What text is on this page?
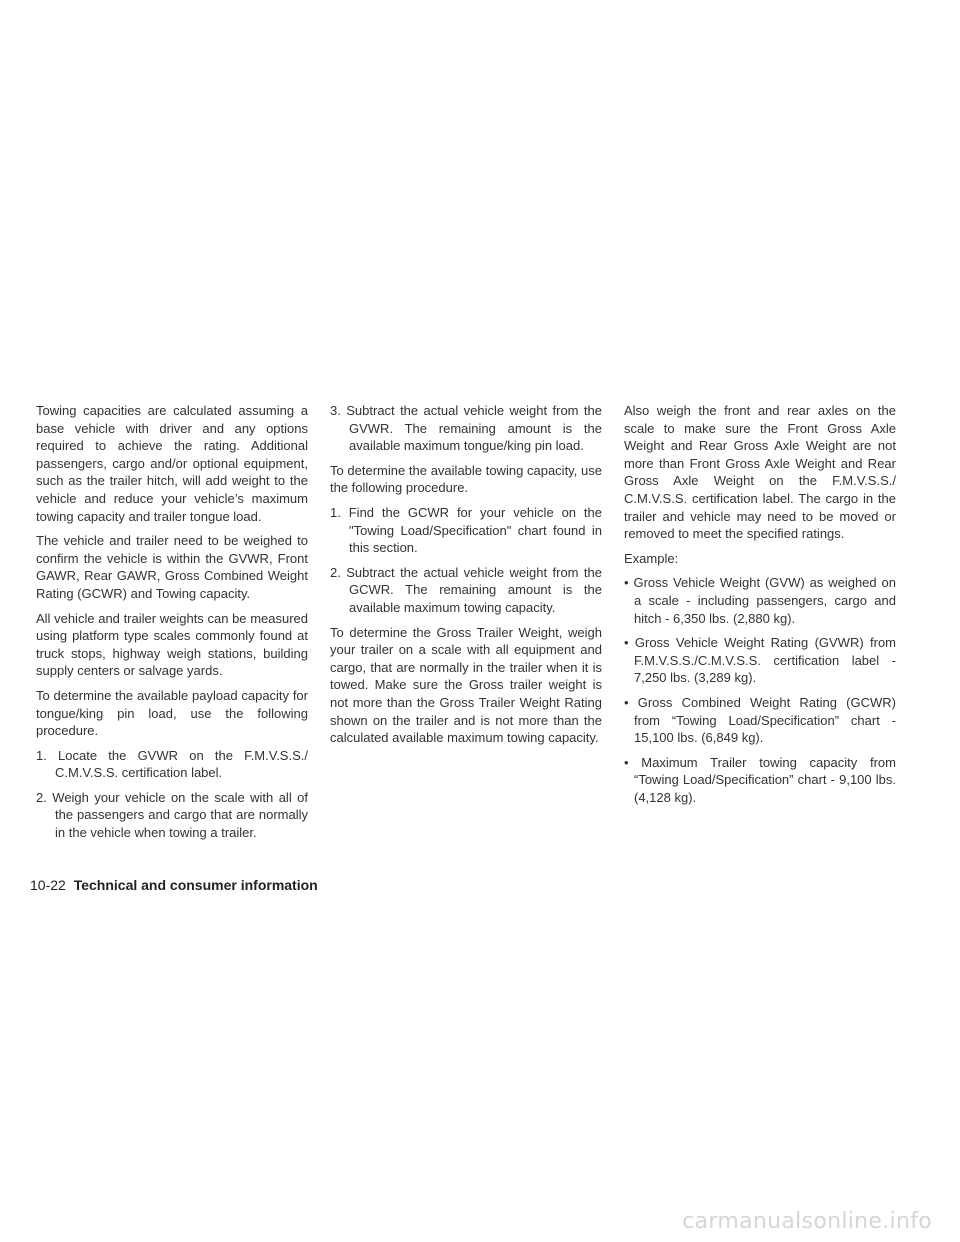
Towing capacities are calculated assuming a base vehicle with driver and any options required to achieve the rating. Additional passengers, cargo and/or optional equipment, such as the trailer hitch, will add weight to the vehicle and reduce your vehicle’s maximum towing capacity and trailer tongue load.

The vehicle and trailer need to be weighed to confirm the vehicle is within the GVWR, Front GAWR, Rear GAWR, Gross Combined Weight Rating (GCWR) and Towing capacity.

All vehicle and trailer weights can be measured using platform type scales commonly found at truck stops, highway weigh stations, building supply centers or salvage yards.

To determine the available payload capacity for tongue/king pin load, use the following procedure.

1. Locate the GVWR on the F.M.V.S.S./ C.M.V.S.S. certification label.
2. Weigh your vehicle on the scale with all of the passengers and cargo that are normally in the vehicle when towing a trailer.
3. Subtract the actual vehicle weight from the GVWR. The remaining amount is the available maximum tongue/king pin load.

To determine the available towing capacity, use the following procedure.

1. Find the GCWR for your vehicle on the "Towing Load/Specification" chart found in this section.
2. Subtract the actual vehicle weight from the GCWR. The remaining amount is the available maximum towing capacity.

To determine the Gross Trailer Weight, weigh your trailer on a scale with all equipment and cargo, that are normally in the trailer when it is towed. Make sure the Gross trailer weight is not more than the Gross Trailer Weight Rating shown on the trailer and is not more than the calculated available maximum towing capacity.

Also weigh the front and rear axles on the scale to make sure the Front Gross Axle Weight and Rear Gross Axle Weight are not more than Front Gross Axle Weight and Rear Gross Axle Weight on the F.M.V.S.S./ C.M.V.S.S. certification label. The cargo in the trailer and vehicle may need to be moved or removed to meet the specified ratings.

Example:

• Gross Vehicle Weight (GVW) as weighed on a scale - including passengers, cargo and hitch - 6,350 lbs. (2,880 kg).
• Gross Vehicle Weight Rating (GVWR) from F.M.V.S.S./C.M.V.S.S. certification label - 7,250 lbs. (3,289 kg).
• Gross Combined Weight Rating (GCWR) from “Towing Load/Specification” chart - 15,100 lbs. (6,849 kg).
• Maximum Trailer towing capacity from “Towing Load/Specification” chart - 9,100 lbs. (4,128 kg).
10-22 Technical and consumer information
carmanualsonline.info
